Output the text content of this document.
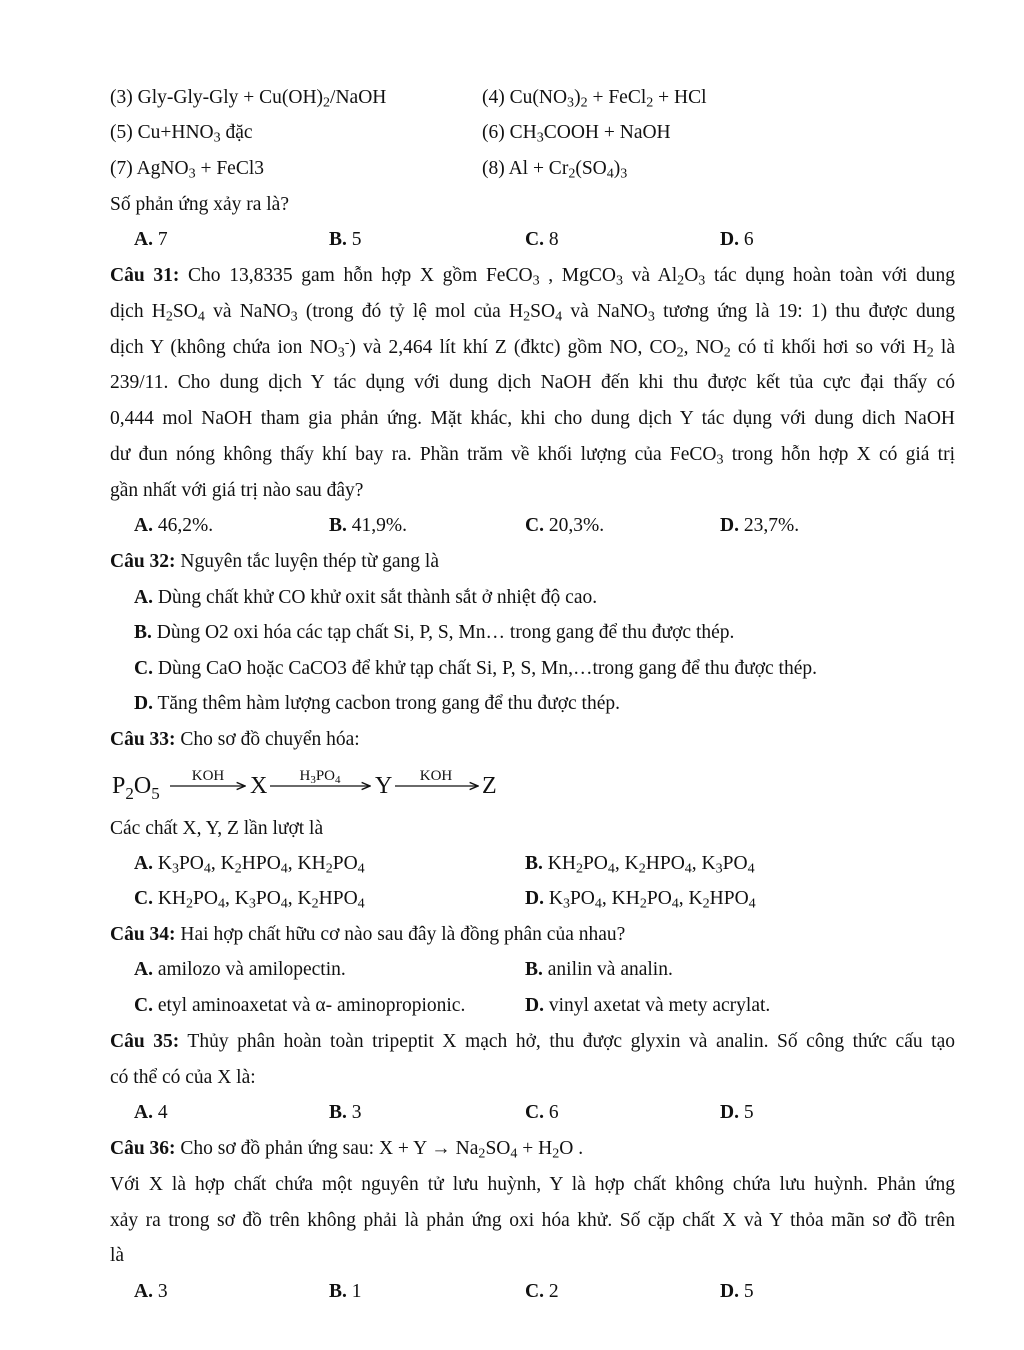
(3) $Gly-Gly-Gly + Cu(OH)_2$/NaOH	(4) $Cu(NO_3)_2$ + FeCl$_2$ + HCl
(5) $Cu+HNO_3$ đặc	(6) $CH_3COOH$ + NaOH
(7) AgNO$_3$ + FeCl3	(8) $Al + Cr_2(SO_4)_3$
Số phản ứng xảy ra là?
A. 7	B. 5	C. 8	D. 6
Câu 31: Cho 13,8335 gam hỗn hợp X gồm FeCO$_3$ , MgCO$_3$ và $Al_2O_3$ tác dụng hoàn toàn với dung
dịch $H_2SO_4$ và NaNO$_3$ (trong đó tỷ lệ mol của $H_2SO_4$ và NaNO$_3$ tương ứng là 19: 1) thu được dung
dịch Y (không chứa ion $NO_3^-$) và 2,464 lít khí Z (đktc) gồm NO, $CO_2$, $NO_2$ có tỉ khối hơi so với $H_2$ là
239/11. Cho dung dịch Y tác dụng với dung dịch NaOH đến khi thu được kết tủa cực đại thấy có
0,444 mol NaOH tham gia phản ứng. Mặt khác, khi cho dung dịch Y tác dụng với dung dich NaOH
dư đun nóng không thấy khí bay ra. Phần trăm về khối lượng của FeCO$_3$ trong hỗn hợp X có giá trị
gần nhất với giá trị nào sau đây?
A. 46,2%.	B. 41,9%.	C. 20,3%.	D. 23,7%.
Câu 32: Nguyên tắc luyện thép từ gang là
A. Dùng chất khử CO khử oxit sắt thành sắt ở nhiệt độ cao.
B. Dùng O2 oxi hóa các tạp chất Si, P, S, Mn… trong gang để thu được thép.
C. Dùng CaO hoặc CaCO3 để khử tạp chất Si, P, S, Mn,…trong gang để thu được thép.
D. Tăng thêm hàm lượng cacbon trong gang để thu được thép.
Câu 33: Cho sơ đồ chuyển hóa:
$P_2O_5$
KOH X $H_3PO_4$ Y KOH Z
Các chất X, Y, Z lần lượt là
A. $K_3PO_4$, $K_2HPO_4$, $KH_2PO_4$	B. $KH_2PO_4$, $K_2HPO_4$, $K_3PO_4$
C. $KH_2PO_4$, $K_3PO_4$, $K_2HPO_4$	D. $K_3PO_4$, $KH_2PO_4$, $K_2HPO_4$
Câu 34: Hai hợp chất hữu cơ nào sau đây là đồng phân của nhau?
A. amilozo và amilopectin.	B. anilin và analin.
C. etyl aminoaxetat và α- aminopropionic.	D. vinyl axetat và mety acrylat.
Câu 35: Thủy phân hoàn toàn tripeptit X mạch hở, thu được glyxin và analin. Số công thức cấu tạo
có thể có của X là:
A. 4	B. 3	C. 6	D. 5
Câu 36: Cho sơ đồ phản ứng sau: $X + Y \to Na_2SO_4 + H_2O$ .
Với X là hợp chất chứa một nguyên tử lưu huỳnh, Y là hợp chất không chứa lưu huỳnh. Phản ứng
xảy ra trong sơ đồ trên không phải là phản ứng oxi hóa khử. Số cặp chất X và Y thỏa mãn sơ đồ trên
là
A. 3	B. 1	C. 2	D. 5
